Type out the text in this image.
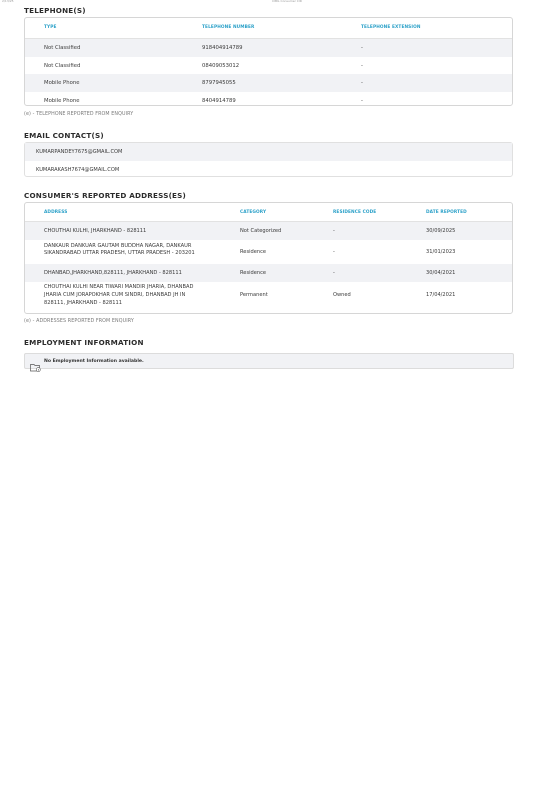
2/13/25	CIBIL Consumer CIR
TELEPHONE(S)
TYPE	TELEPHONE NUMBER	TELEPHONE EXTENSION
Not Classified	918404914789	-
Not Classified	08409053012	-
Mobile Phone	8797945055	-
Mobile Phone	8404914789	-
(e) - TELEPHONE REPORTED FROM ENQUIRY
EMAIL CONTACT(S)
KUMARPANDEY7675@GMAIL.COM
KUMARAKASH7674@GMAIL.COM
CONSUMER'S REPORTED ADDRESS(ES)
ADDRESS	CATEGORY	RESIDENCE CODE	DATE REPORTED
CHOUTHAI KULHI, JHARKHAND - 828111	Not Categorized	-	30/09/2025
DANKAUR DANKUAR GAUTAM BUDDHA NAGAR, DANKAUR
SIKANDRABAD UTTAR PRADESH, UTTAR PRADESH - 203201	Residence	-	31/01/2023
DHANBAD,JHARKHAND,828111, JHARKHAND - 828111	Residence	-	30/04/2021
CHOUTHAI KULHI NEAR TIWARI MANDIR JHARIA, DHANBAD
JHARIA CUM JORAPOKHAR CUM SINDRI, DHANBAD JH IN
828111, JHARKHAND - 828111
Permanent	Owned	17/04/2021
(e) - ADDRESSES REPORTED FROM ENQUIRY
EMPLOYMENT INFORMATION
No Employment Information available.
